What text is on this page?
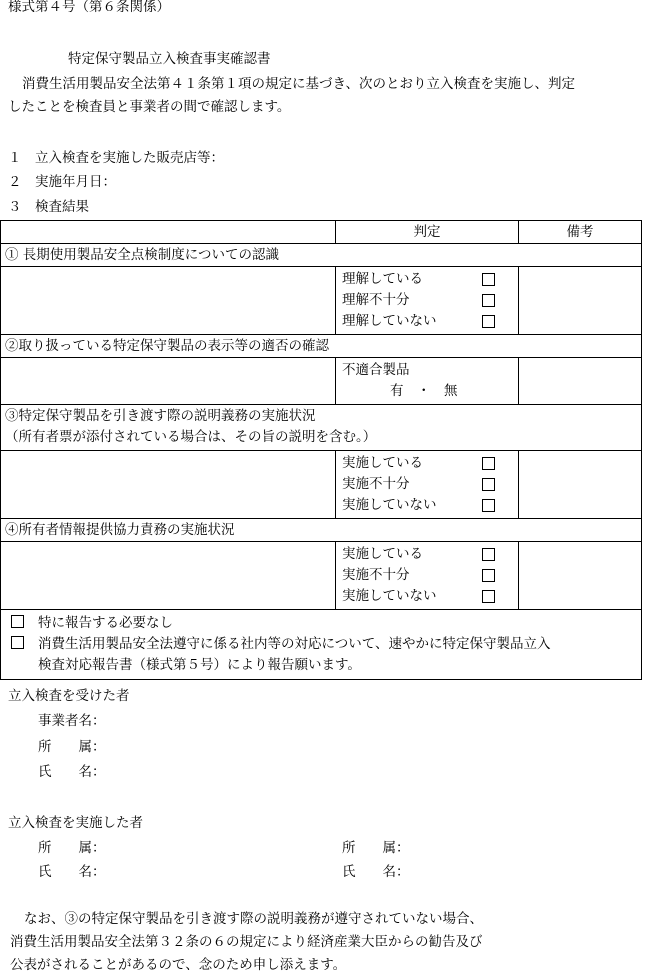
様式第４号（第６条関係）
特定保守製品立入検査事実確認書
消費生活用製品安全法第４１条第１項の規定に基づき、次のとおり立入検査を実施し、判定
したことを検査員と事業者の間で確認します。
１　立入検査を実施した販売店等：
２　実施年月日：
３　検査結果
	判定	備考
① 長期使用製品安全点検制度についての認識		

	理解している
理解不十分
理解していない	

②取り扱っている特定保守製品の表示等の適否の確認		

	不適合製品
有　・　無	

③特定保守製品を引き渡す際の説明義務の実施状況
（所有者票が添付されている場合は、その旨の説明を含む。）		

	実施している
実施不十分
実施していない	

④所有者情報提供協力責務の実施状況		

	実施している
実施不十分
実施していない	

特に報告する必要なし
消費生活用製品安全法遵守に係る社内等の対応について、速やかに特定保守製品立入
検査対応報告書（様式第５号）により報告願います。		
立入検査を受けた者
事業者名：
所　　属：
氏　　名：
立入検査を実施した者
所　　属：
氏　　名：
所　　属：
氏　　名：
なお、③の特定保守製品を引き渡す際の説明義務が遵守されていない場合、
消費生活用製品安全法第３２条の６の規定により経済産業大臣からの勧告及び
公表がされることがあるので、念のため申し添えます。
